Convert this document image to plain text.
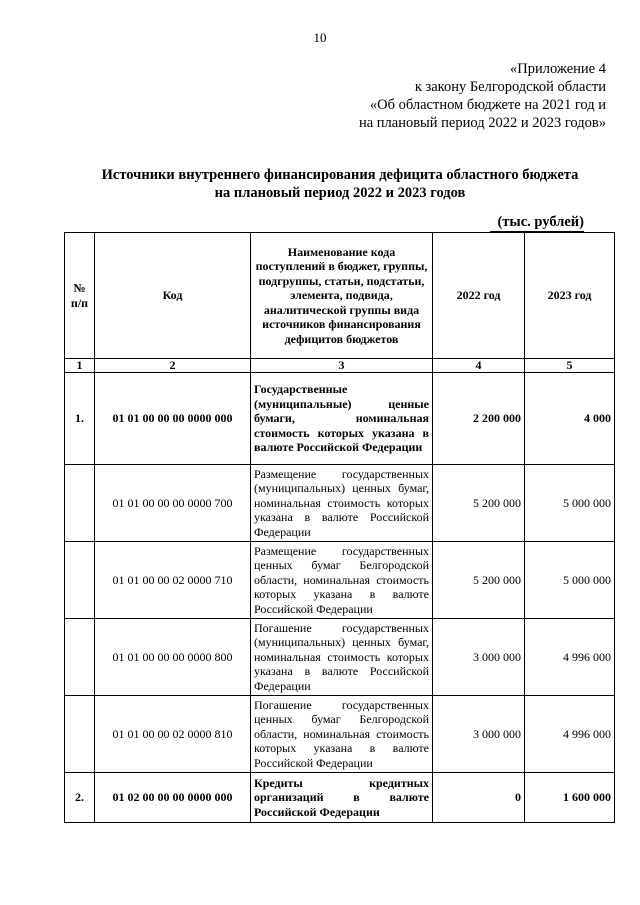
10
«Приложение 4
к закону Белгородской области
«Об областном бюджете на 2021 год и
на плановый период 2022 и 2023 годов»
Источники внутреннего финансирования дефицита областного бюджета
на плановый период 2022 и 2023 годов
(тыс. рублей)
№ п/п	Код	Наименование кода поступлений в бюджет, группы, подгруппы, статьи, подстатьи, элемента, подвида, аналитической группы вида источников финансирования дефицитов бюджетов	2022 год	2023 год
1	2	3	4	5
1.	01 01 00 00 00 0000 000	Государственные (муниципальные) ценные бумаги, номинальная стоимость которых указана в валюте Российской Федерации	2 200 000	4 000
	01 01 00 00 00 0000 700	Размещение государственных (муниципальных) ценных бумаг, номинальная стоимость которых указана в валюте Российской Федерации	5 200 000	5 000 000
	01 01 00 00 02 0000 710	Размещение государственных ценных бумаг Белгородской области, номинальная стоимость которых указана в валюте Российской Федерации	5 200 000	5 000 000
	01 01 00 00 00 0000 800	Погашение государственных (муниципальных) ценных бумаг, номинальная стоимость которых указана в валюте Российской Федерации	3 000 000	4 996 000
	01 01 00 00 02 0000 810	Погашение государственных ценных бумаг Белгородской области, номинальная стоимость которых указана в валюте Российской Федерации	3 000 000	4 996 000
2.	01 02 00 00 00 0000 000	Кредиты кредитных организаций в валюте Российской Федерации	0	1 600 000
